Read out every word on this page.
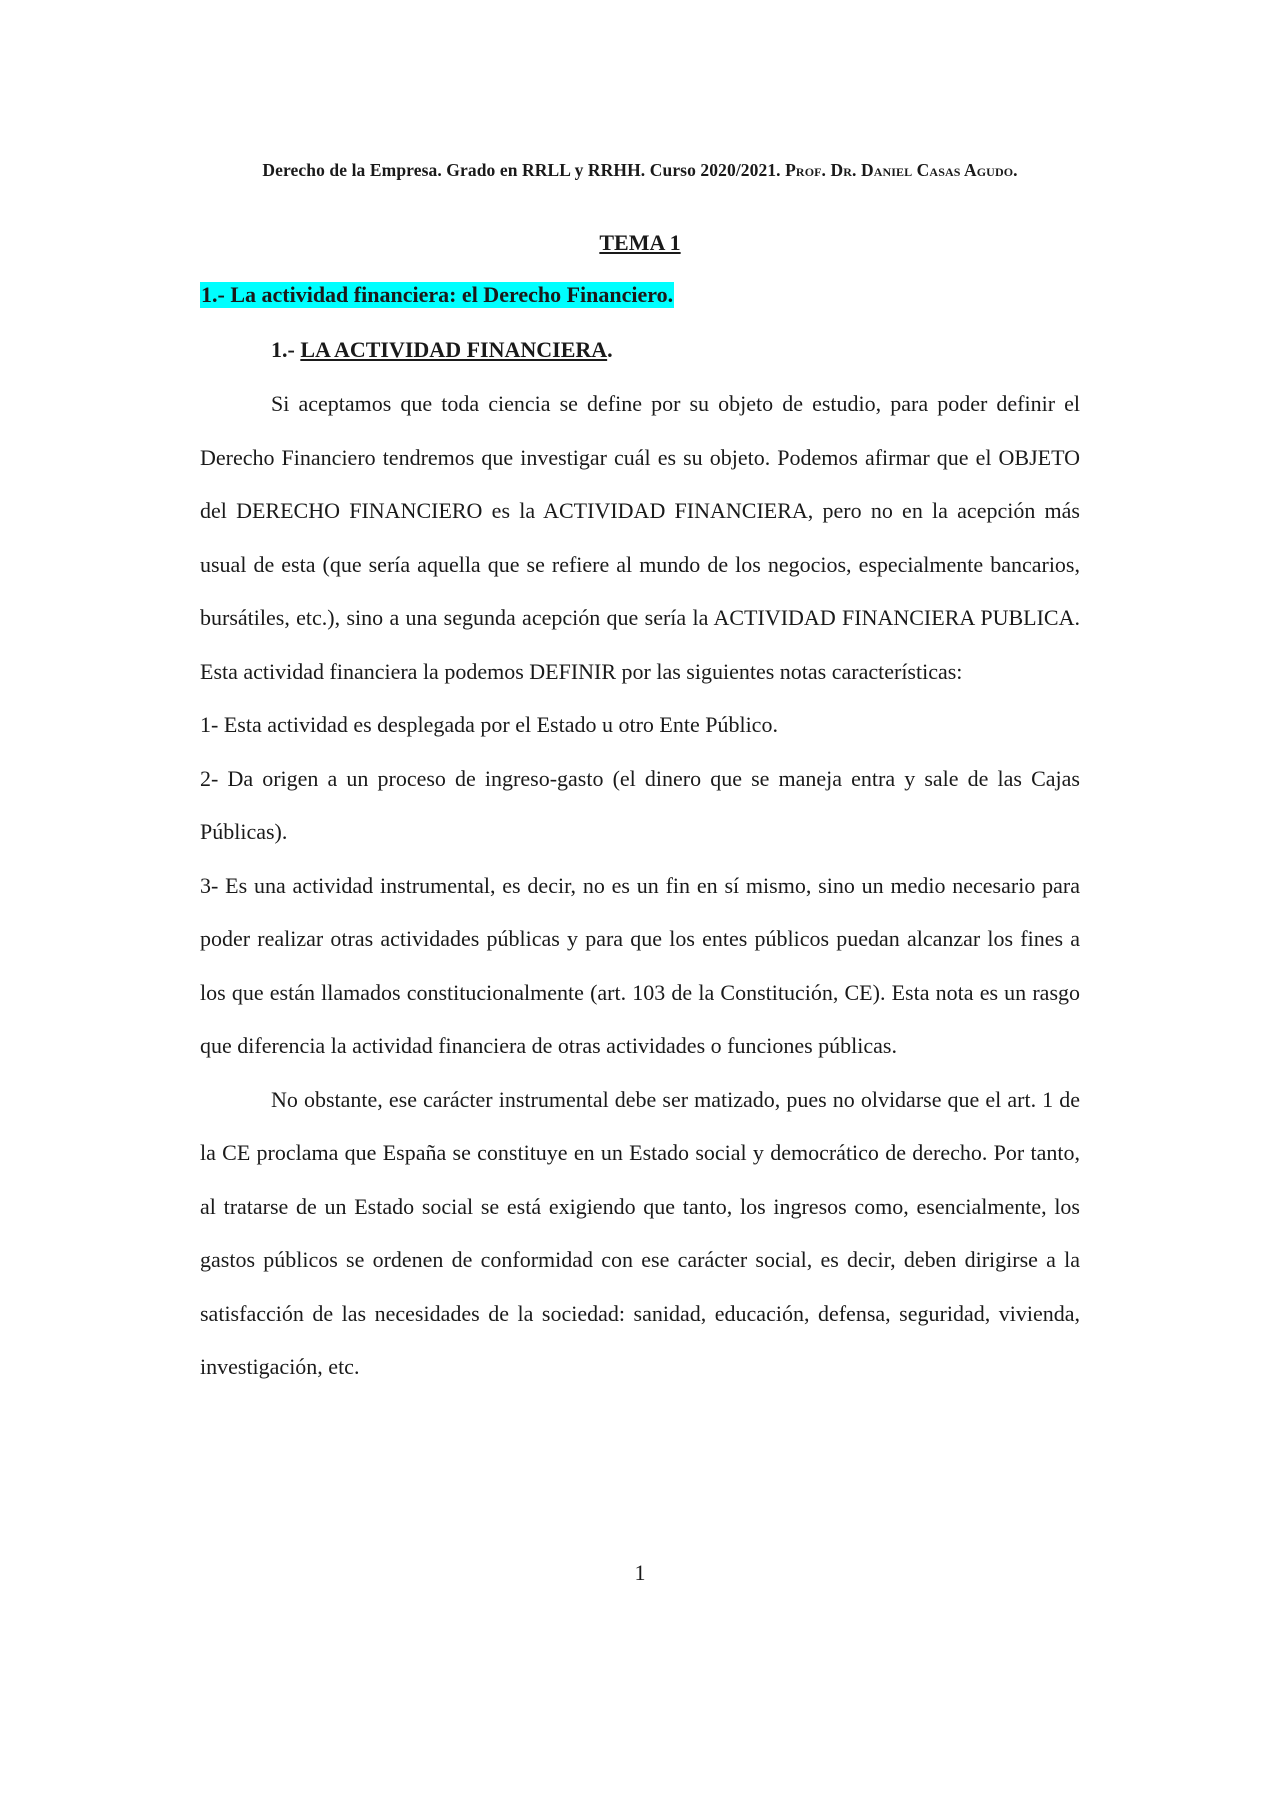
Derecho de la Empresa. Grado en RRLL y RRHH. Curso 2020/2021. Prof. Dr. Daniel Casas Agudo.
TEMA 1
1.- La actividad financiera: el Derecho Financiero.
1.- LA ACTIVIDAD FINANCIERA.

Si aceptamos que toda ciencia se define por su objeto de estudio, para poder definir el Derecho Financiero tendremos que investigar cuál es su objeto. Podemos afirmar que el OBJETO del DERECHO FINANCIERO es la ACTIVIDAD FINANCIERA, pero no en la acepción más usual de esta (que sería aquella que se refiere al mundo de los negocios, especialmente bancarios, bursátiles, etc.), sino a una segunda acepción que sería la ACTIVIDAD FINANCIERA PUBLICA. Esta actividad financiera la podemos DEFINIR por las siguientes notas características:

1- Esta actividad es desplegada por el Estado u otro Ente Público.

2- Da origen a un proceso de ingreso-gasto (el dinero que se maneja entra y sale de las Cajas Públicas).

3- Es una actividad instrumental, es decir, no es un fin en sí mismo, sino un medio necesario para poder realizar otras actividades públicas y para que los entes públicos puedan alcanzar los fines a los que están llamados constitucionalmente (art. 103 de la Constitución, CE). Esta nota es un rasgo que diferencia la actividad financiera de otras actividades o funciones públicas.

No obstante, ese carácter instrumental debe ser matizado, pues no olvidarse que el art. 1 de la CE proclama que España se constituye en un Estado social y democrático de derecho. Por tanto, al tratarse de un Estado social se está exigiendo que tanto, los ingresos como, esencialmente, los gastos públicos se ordenen de conformidad con ese carácter social, es decir, deben dirigirse a la satisfacción de las necesidades de la sociedad: sanidad, educación, defensa, seguridad, vivienda, investigación, etc.

1
